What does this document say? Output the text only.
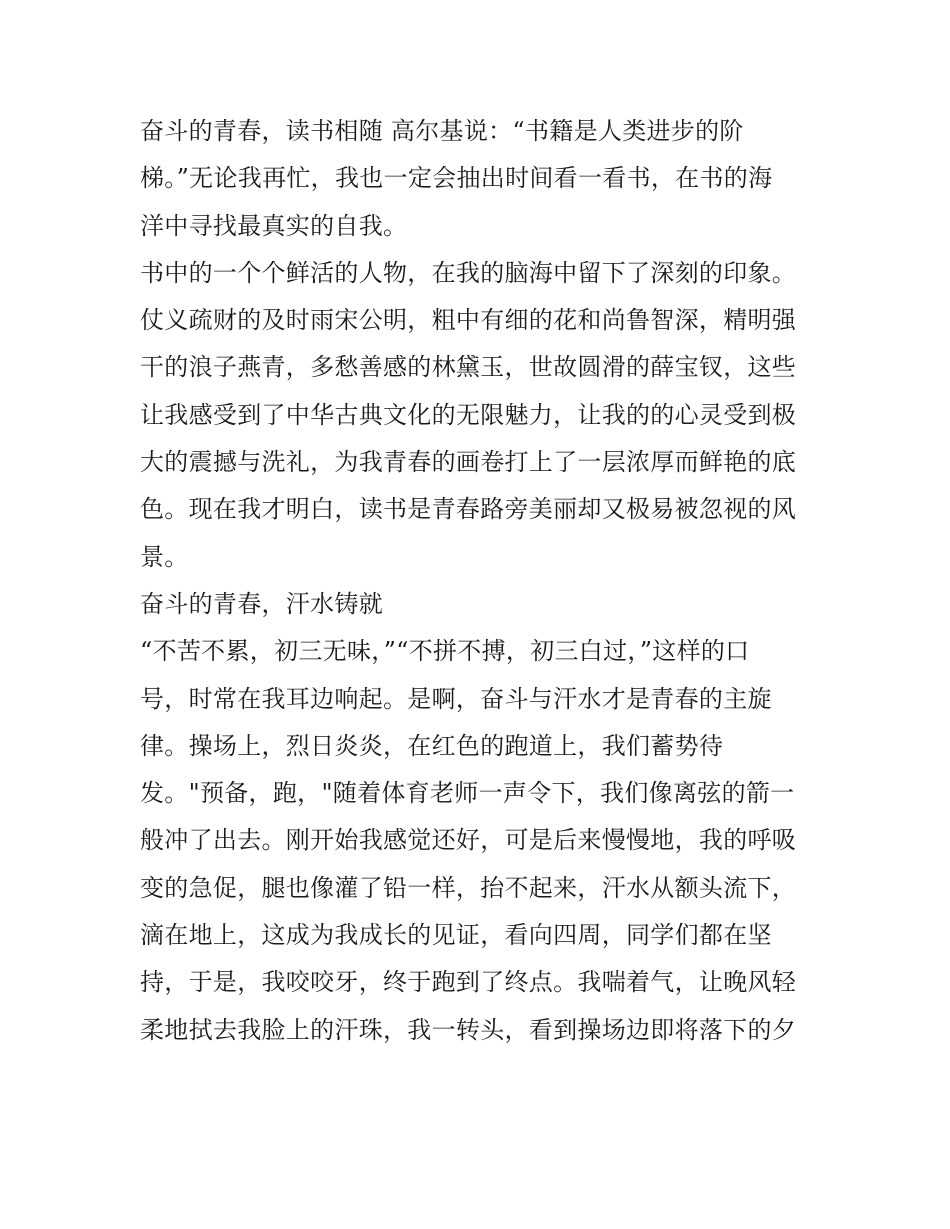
奋斗的青春，读书相随 高尔基说：“书籍是人类进步的阶
梯。”无论我再忙，我也一定会抽出时间看一看书，在书的海
洋中寻找最真实的自我。
书中的一个个鲜活的人物，在我的脑海中留下了深刻的印象。
仗义疏财的及时雨宋公明，粗中有细的花和尚鲁智深，精明强
干的浪子燕青，多愁善感的林黛玉，世故圆滑的薛宝钗，这些
让我感受到了中华古典文化的无限魅力，让我的的心灵受到极
大的震撼与洗礼，为我青春的画卷打上了一层浓厚而鲜艳的底
色。现在我才明白，读书是青春路旁美丽却又极易被忽视的风
景。
奋斗的青春，汗水铸就
“不苦不累，初三无味，”“不拼不搏，初三白过，”这样的口
号，时常在我耳边响起。是啊，奋斗与汗水才是青春的主旋
律。操场上，烈日炎炎，在红色的跑道上，我们蓄势待
发。"预备，跑，"随着体育老师一声令下，我们像离弦的箭一
般冲了出去。刚开始我感觉还好，可是后来慢慢地，我的呼吸
变的急促，腿也像灌了铅一样，抬不起来，汗水从额头流下，
滴在地上，这成为我成长的见证，看向四周，同学们都在坚
持，于是，我咬咬牙，终于跑到了终点。我喘着气，让晚风轻
柔地拭去我脸上的汗珠，我一转头，看到操场边即将落下的夕
